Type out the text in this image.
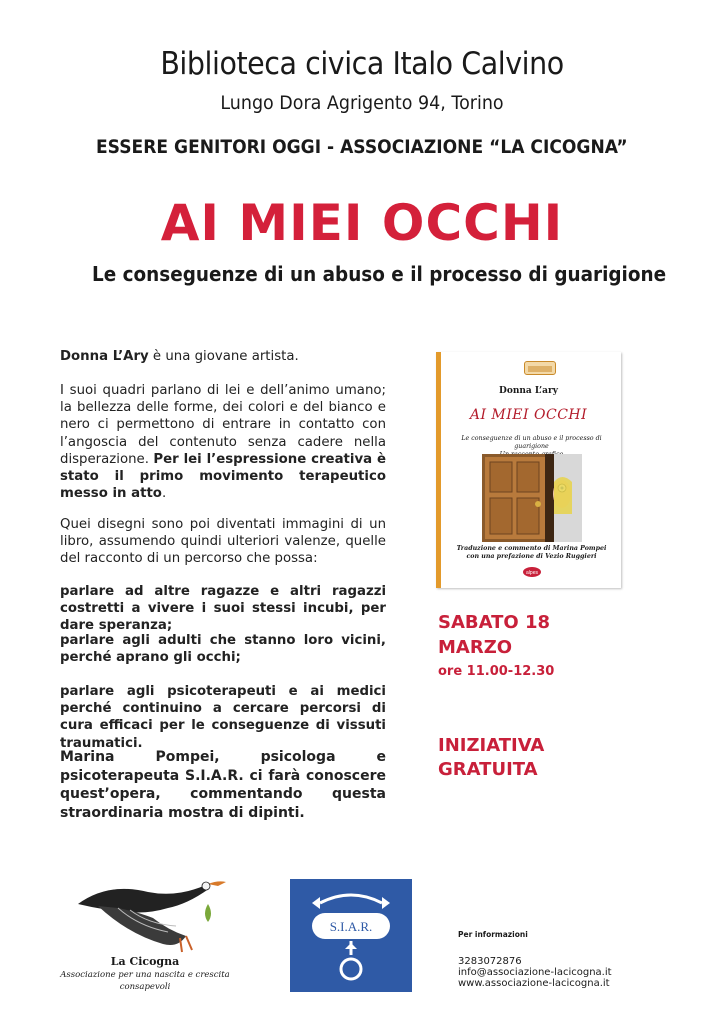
Biblioteca civica Italo Calvino
Lungo Dora Agrigento 94, Torino
ESSERE GENITORI OGGI - ASSOCIAZIONE “LA CICOGNA”
AI MIEI OCCHI
Le conseguenze di un abuso e il processo di guarigione
Donna L’Ary è una giovane artista.
I suoi quadri parlano di lei e dell’animo umano; la bellezza delle forme, dei colori e del bianco e nero ci permettono di entrare in contatto con l’angoscia del contenuto senza cadere nella disperazione. Per lei l’espressione creativa è stato il primo movimento terapeutico messo in atto.
Quei disegni sono poi diventati immagini di un libro, assumendo quindi ulteriori valenze, quelle del racconto di un percorso che possa:
parlare ad altre ragazze e altri ragazzi costretti a vivere i suoi stessi incubi, per dare speranza;
parlare agli adulti che stanno loro vicini, perché aprano gli occhi;
parlare agli psicoterapeuti e ai medici perché continuino a cercare percorsi di cura efficaci per le conseguenze di vissuti traumatici.
Marina Pompei, psicologa e psicoterapeuta S.I.A.R. ci farà conoscere quest’opera, commentando questa straordinaria mostra di dipinti.
Donna L’ary
AI MIEI OCCHI
Le conseguenze di un abuso e il processo di guarigione
Traduzione e commento di Marina Pompei
con una prefazione di Vezio Ruggieri
alpes
SABATO 18
MARZO
ore 11.00-12.30
INIZIATIVA
GRATUITA
La Cicogna
Associazione per una nascita e crescita
consapevoli
S.I.A.R.
Per informazioni
3283072876
info@associazione-lacicogna.it
www.associazione-lacicogna.it
